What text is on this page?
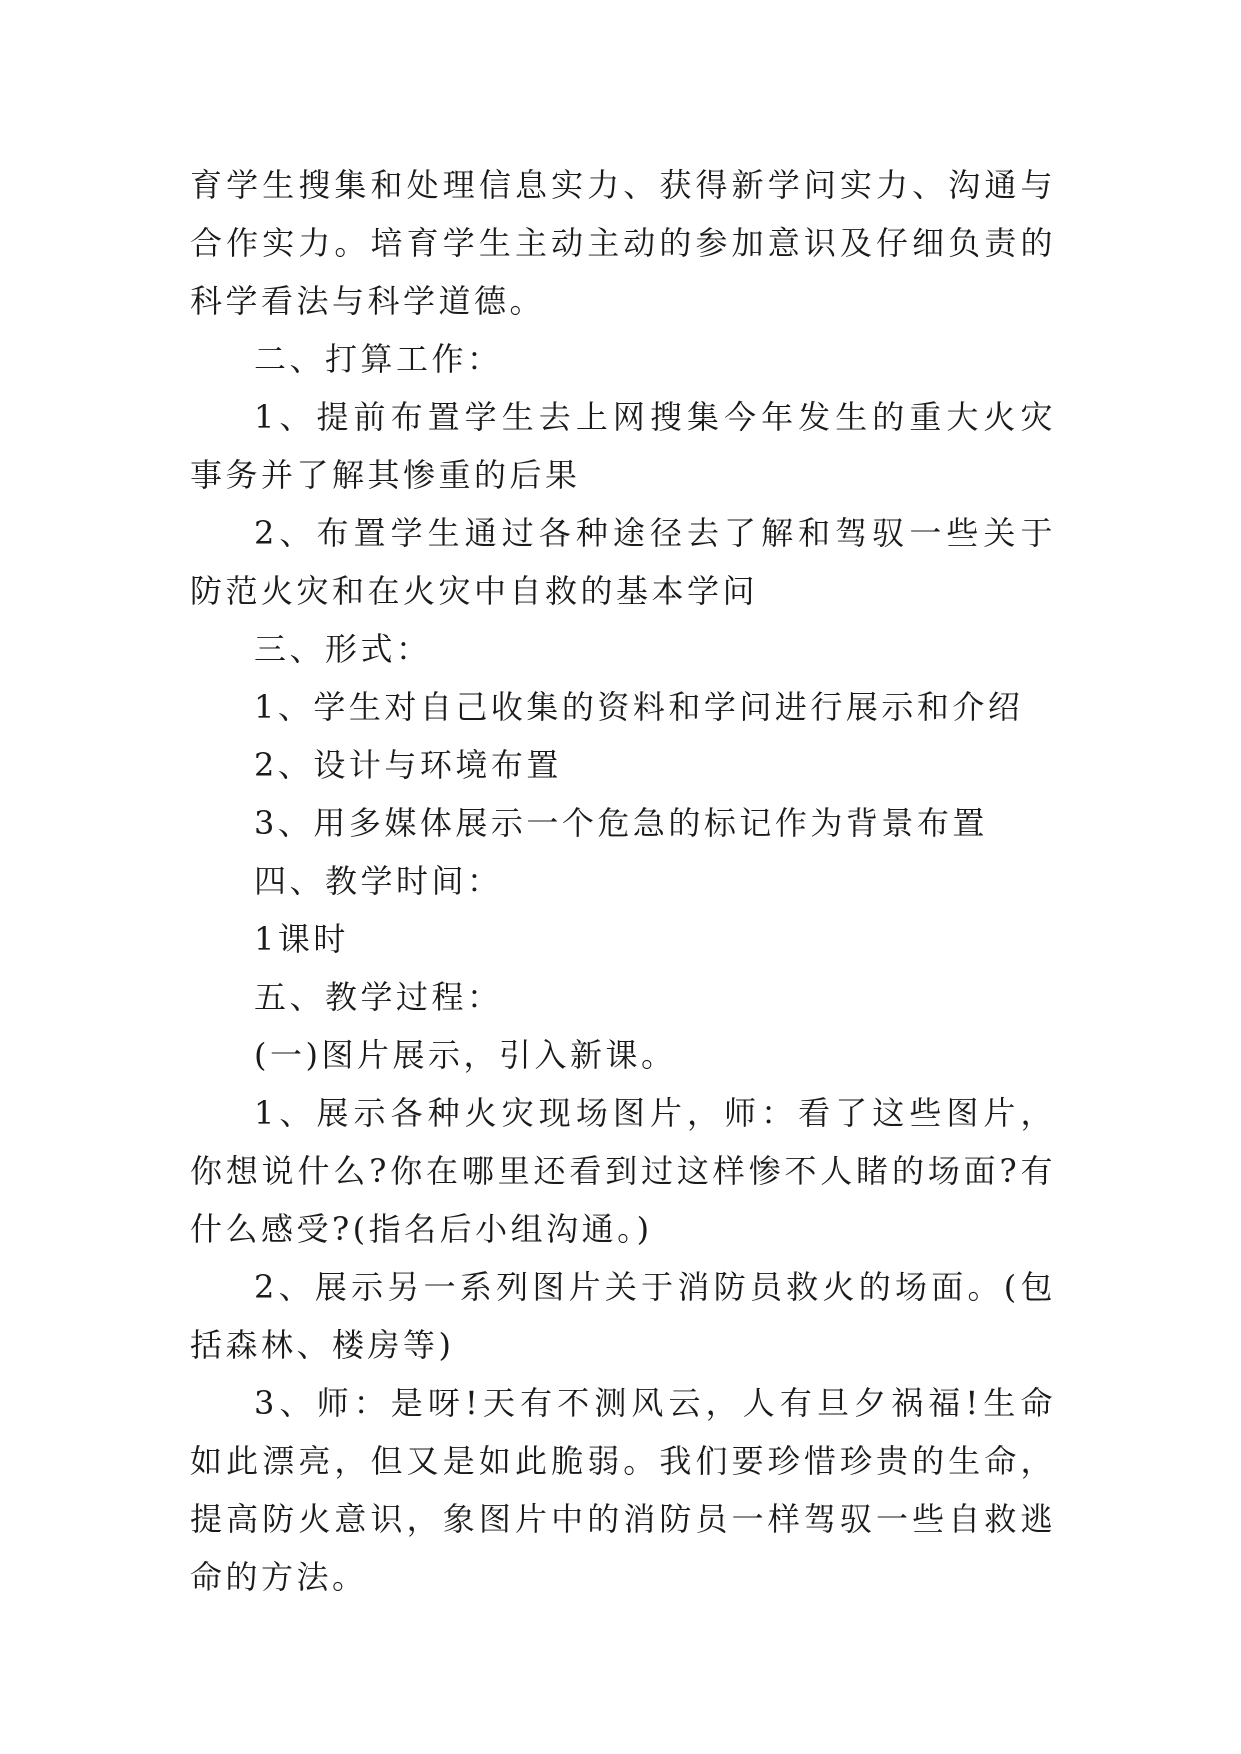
育学生搜集和处理信息实力、获得新学问实力、沟通与合作实力。培育学生主动主动的参加意识及仔细负责的科学看法与科学道德。

二、打算工作：

1、提前布置学生去上网搜集今年发生的重大火灾事务并了解其惨重的后果

2、布置学生通过各种途径去了解和驾驭一些关于防范火灾和在火灾中自救的基本学问

三、形式：

1、学生对自己收集的资料和学问进行展示和介绍

2、设计与环境布置

3、用多媒体展示一个危急的标记作为背景布置

四、教学时间：

1课时

五、教学过程：

(一)图片展示，引入新课。

1、展示各种火灾现场图片，师：看了这些图片，你想说什么?你在哪里还看到过这样惨不人睹的场面?有什么感受?(指名后小组沟通。)

2、展示另一系列图片关于消防员救火的场面。(包括森林、楼房等)

3、师：是呀!天有不测风云，人有旦夕祸福!生命如此漂亮，但又是如此脆弱。我们要珍惜珍贵的生命，提高防火意识，象图片中的消防员一样驾驭一些自救逃命的方法。
